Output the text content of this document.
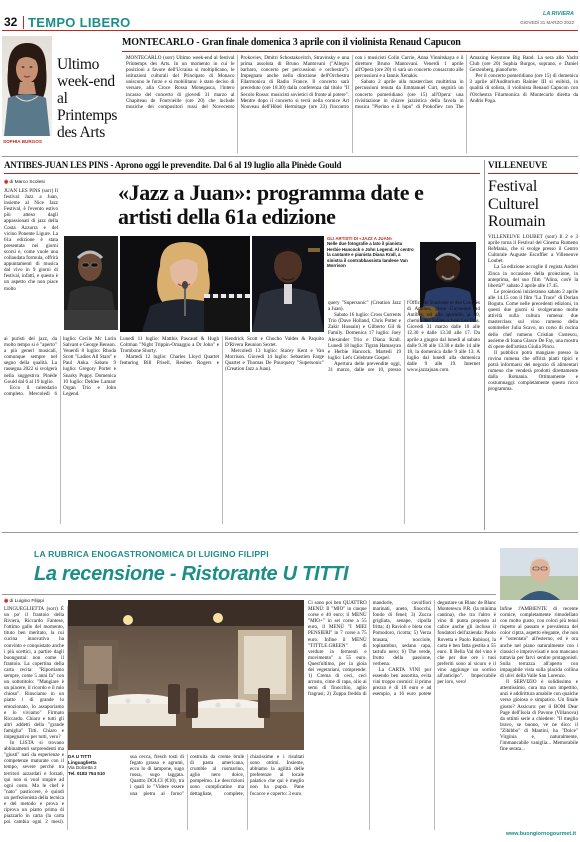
32 TEMPO LIBERO
LA RIVIERA
GIOVEDÌ 31 MARZO 2022
SOPHIA BURGOS
MONTECARLO - Gran finale domenica 3 aprile con il violinista Renaud Capucon
Ultimo week-end al Printemps des Arts

MONTECARLO (sorr) Ultimo week-end al festival Printemps des Arts. In un momento in cui le posizioni a favore dell'Ucraina si moltiplicano, le istituzioni culturali del Principato di Monaco uniscono le forze e si mobilitano: è stato deciso di versare, alla Croce Rossa Monegasca, l'intero incasso del concerto di giovedì 31 marzo al Chapiteau de Fontvieille (ore 20) che include musiche dei compositori russi del Novecento Prokoviev, Dmitri Schostakovitch, Stravinsky e una prima assoluta di Bruno Mantovani ("Allegro barbaro, concerto per percussioni e orchestra"). Impegnato anche nella direzione dell'Orchestra Filarmonica di Radio France. Il concerto sarà preceduto (ore 18.30) dalla conferenza dal titolo "Il Secolo Rosso: musicisti sovietici di fronte al potere". Mentre dopo il concerto si terrà nella cornice Art Nouveau dell'Hôtel Hermitage (ore 23) l'incontro con i musicisti Colin Currie, Anna Vinnitskaya e il direttore Bruno Mantovani. Venerdì 1 aprile all'Opera (ore 20) vi sarà un concerto consacrato alle percussioni e a Iannis Xenakis.

Sabato 2 aprile alla masterclass multitrina in percussioni tenuta da Emmanuel Curt, seguirà un concerto pomeridiano (ore 15) all'Opera: una rivisitazione in chiave jazzistica della favola in musica "Pierino e il lupo" di Prokofiev con The Amazing Keystone Big Band. La sera allo Yacht Club (ore 20) Sophia Burgos, soprano, e Daniel Gerzenberg, pianoforte.

Per il concerto pomeridiano (ore 15) di domenica 3 aprile all'Auditorium Rainier III si esibirà, in qualità di solista, il violinista Renaud Capucon con l'Orchestra Filarmonica di Montecarlo diretta da Andris Poga.

ANTIBES-JUAN LES PINS - Aprono oggi le prevendite. Dal 6 al 19 luglio alla Pinède Gould
◉ di Marco Scolesi	«Jazz a Juan»: programma date e artisti della 61a edizione

JUAN LES PINS (sorr) Il festival Jazz a Juan, insieme al Nice Jazz Festival, è l'evento estivo più atteso dagli appassionati di jazz della Costa Azzurra e del vicino Ponente Ligure. La 61a edizione è stata presentata nei giorni scorsi e, come vuole una collaudata formula, offrirà appuntamenti di musica dal vivo in 9 giorni di festival, infatti, e questo è un aspetto che non piace molto

GLI ARTISTI DI «JAZZ A JUAN»
Nelle due fotografie a lato il pianista Herbie Hancock e John Legend. Al centro la cantante e pianista Diana Krall, a sinistra il contrabbassista landese Van Morrison

ai puristi del jazz, da molto tempo si è "aperto" a più generi musicali, comunque sempre nel segno della qualità. La rassegna 2022 si svolgerà nella suggestiva Pinède Gould dal 6 al 19 luglio.

Ecco il calendario completo. Mercoledì 6 luglio: Cecile Mc Lorin Salvant e George Benson. Venerdì 8 luglio: Rhoda Scott "Ladies All Stars" e Paul Anka. Sabato 9 luglio: Gregory Porter e Snarky Puppy. Domenica 10 luglio: Dehlee Lamarr Organ Trio e John Legend.

Lunedì 11 luglio: Matthis Pascaud & Hugh Coltman "Night Trippin-Omaggio a Dr John" e Trombone Shorty.

Martedì 12 luglio: Charles Lloyd Quartet featuring Bill Frisell, Reuben Rogers e Kendrick Scott e Chucho Valdes & Paquito D'Rivera Reunion Sextet.

Mercoledì 13 luglio: Stacey Kent e Van Morrison. Giovedì 14 luglio: Sebastien Farge Quartet e Thomas De Pourquery "Supersonic" (Creation Jazz a Juan).

query "Supersonic" (Creation Jazz a Juan).

Sabato 16 luglio: Cross Currents Trio (Dave Holland, Chris Potter e Zakir Hussain) e Gilberto Gil & Family. Domenica 17 luglio: Joey Alexander Trio e Diana Krall. Lunedì 18 luglio: Tigran Hamasyan e Herbie Hancock. Martedì 19 luglio: Let's Celebrate Gospel.

Apertura delle prevendite oggi, 31 marzo, dalle ore 10, presso l'Office de Tourisme et des Congrès di Antibes, place Guynemer ad Antibes, ed allo sportello al 60, chemin des Sables a Juan Les Pins. Giovedì 31 marzo dalle 10 alle 12.30 e dalle 13.30 alle 17. Da aprile a giugno dal lunedì al sabato dalle 9.30 alle 13.30 e dalle 14 alle 18, la domenica dalle 9 alle 13. A luglio dal lunedì alla domenica dalle 9 alle 19. Internet www.jazzajuan.com.

VILLENEUVE
Festival Culturel Roumain

VILLENEUVE LOUBET (sorr) Il 2 e 3 aprile torna il Festival del Cinema Rumeno ReMania, che si svolge presso il Centro Culturale Auguste Escoffier a Villeneuve Loubet.

La 5a edizione accoglie il regista Andrei Zinca in occasione della proiezione, in anteprima, del suo film "Alina, cos'è la libertà?" sabato 2 aprile alle 17.45.

Le proiezioni inizieranno sabato 2 aprile alle 14.15 con il film "La Trace" di Dorian Bogutu. Come nelle precedenti edizioni, in questi due giorni si svolgeranno molte attività sulla cultura rumena: due masterclass sul vino rumeno della sommelier Julia Scavo, un corso di cucina dello chef rumeno Cristian Costescu, assieme di Ioana Glasce De Fay, una mostra di opere dell'artista Giulia Pincu.

Il pubblico potrà mangiare presso la rovina rumena che offrirà piatti tipici e potrà informarsi del negozio di alimentari rumeno che venderà prodotti direttamente dalla Romania. Ottimamente e costumnaggi: completamente questo ricco programma.

LA RUBRICA ENOGASTRONOMICA DI LUIGINO FILIPPI
La recensione - Ristorante U TITTI
◉ di Luigino Filippi

LINGUEGLIETTA (sorr) È un po' il frantoio della Riviera, Riccardo Fantese, l'ottimo gallo del momento, tituto ben meritato, la cui cucina innovativa ha convinto e conquistato anche i più scettici, a partire dagli buongustai: non come il frantoio. La copertina della carta recita: "Riportiamo sempre, come 5 anni fa" con un sottotitolo: "Mangiare è un piacere, il ricordo e il mio chioso". Riusciamo in un piatto i di grande lo emozionato, lo assaporiamo e lo viviamo" Firmato Riccardo. Chiaro e tutti gli altri addetti della "grande famiglia" Titti. Chiaro e impegnativo per tutti, vero?

In LISTA si trovano abbinamenti sorprendenti ma "giusti" nati da esperienze e competenze maturate con il tempo, severe perché tra territori azzardati e forzati, qui non si vuol stupire ad ogni costo. Ma le chef è "nato" pasticcere, è quindi un perfezionista della tecnica e del metodo e prova e riprova un piatto prima di piazzarlo in carta (la carta poi cambia ogni 2 mesi).

DA U TITTI
Linguaglietta
Via Dolcetta 2
Tel. 0183 754 510

sua cecca, fresch tosti di fegato grasso e agrumi, ecco lo di lampone, sugo rossa, sugo laggata. Quattro DOLCI (€10), tra i quali le "Videre essere una pietra al forno" costruita da creme brulè di pasta americana, crumble al rosmarino, aglio nero dolce, pompelmo. Le descrizioni sono complicatine ma dettagliate, complete, chiarissime e i risultati sono ottimi. Insieme, abbiamo la agilità delle preferenze al locale palatico che qui è meglio non ha pupra. Pane focacce e coperto: 3 euro.

Ci sono poi ben QUATTRO MENÙ: Il "MIO" in cinque corse e 40 euro; il MENÙ "MIO+" in sei corse a 55 euro, il MENÙ "I MIEI PENSIERI" in 7 corse a 75 euro. Infine il MENÙ "TITTLE.GREEN" di verdure in fermenti e movimento" a 55 euro. Quest'ultimo, per la gioia dei vegetariani, comprende: 1) Crema di ceci, ceci arrosto, cime di rapa, olio ai semi di finocchio, aglio fragrasi; 2) Zuppa fredda di mandorle, cavolfiori marinati, aneto, finocchi, fondo di fenel; 3) Zucca grigliata, senape, cipolla fritta; 4) Ravioli e bieta con Pomodoro, ricotta; 5) Verza brasata, nocciole, topinambur, sedano rapa, tartufo nero; 6) The verde, frutto della passione, verbena.

La CARTA VINI pur essendo ben assortita, evita vini troppo cosmici: il primo prezzo è di 18 euro e ad esempio, a 16 euro potete degustare un Blanc de Blanc Monteresco P.R. (la minima cantina), che tra l'altro è vino di punta proposto al calice anche gli incluso il fondatori dell'azienda: Paolo Rovetta e Paolo Rubino), la carta è ben fatta gestita a 55 euro. Il Bella Val del vino è che per due ore i tuoi preferiti sono al sicuro e il vino aggiunge un sorriso all'anticipo". Impeccabile per loro, vero!

Infine l'AMBIENTE di recente cornice, completamente rimodellato con molto gusto, con colori più tenui rispetto al passato e prevalenza del color ciptra, aspetto elegante, che non è "ostentato" all'esterno, ed è ora anche nel piano naturalmente con i classici e improvvisati e non mancano tuttavia per farvi sentire protagonisti. Sulla terrazza all'aperto con impagabile vista sulla placida collina di ulivi della Valle San Lorenzo.

Il SERVIZIO è solidissimo e attentissimo, cura ma non impettito, anzi è addirittura amabile con qualche verso gioioso e simpatico. Un finale giusto? Assicuro: per il BOM Dear Page dell'Isola di Pavone (Villanova) da ottimi serie a chiedere: "Il meglio bravo, se buono, ve ne dico: il "Zibibbo" di Mantini, ha "Dolce" Virginia e, naturalmente, l'immancabile vaniglia... Memorabile fine serata...

www.buongiornogourmet.it
